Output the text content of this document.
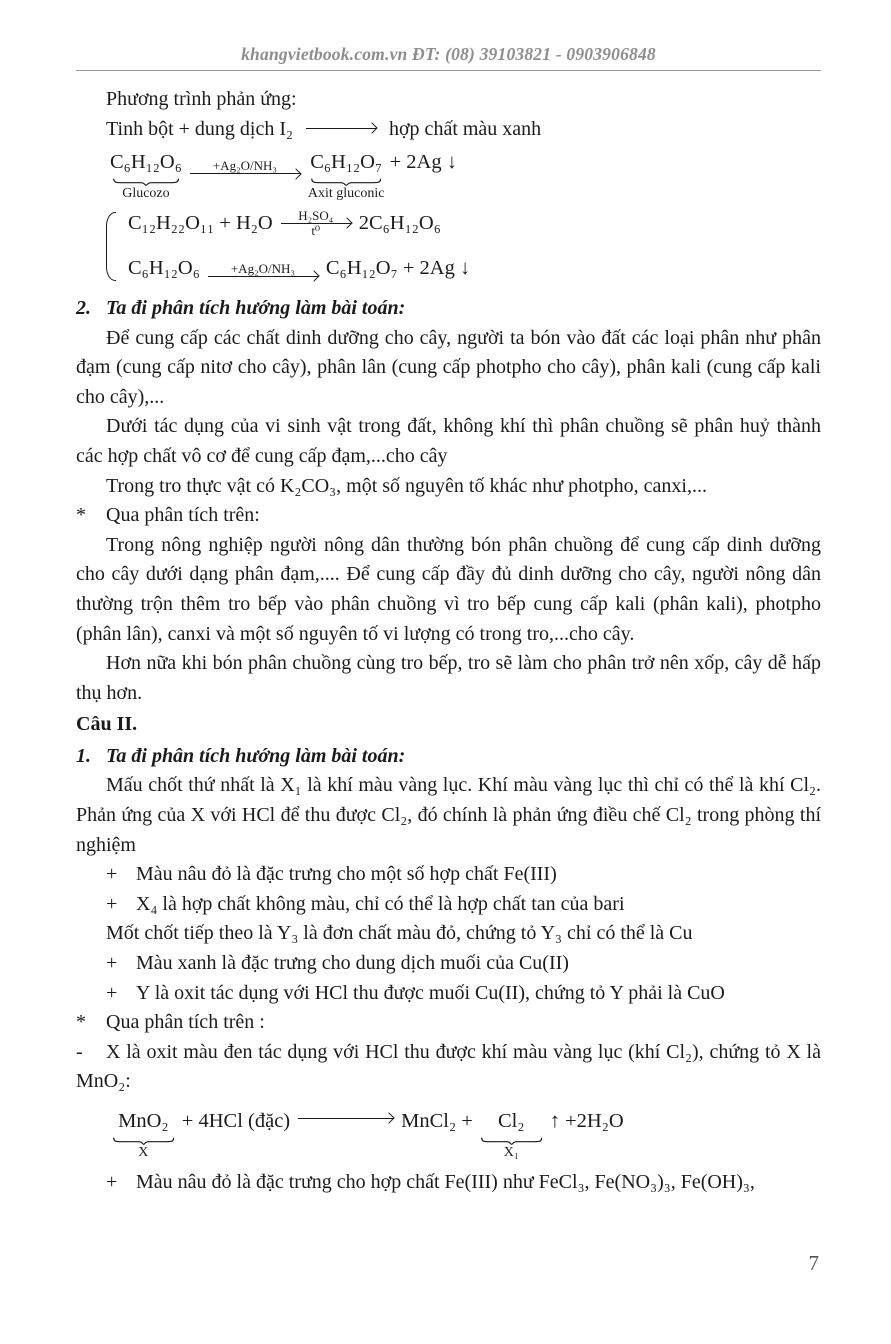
khangvietbook.com.vn ĐT: (08) 39103821 - 0903906848

Phương trình phản ứng:

Tinh bột + dung dịch I₂	hợp chất màu xanh

C₆H₁₂O₆
Glucozo
+Ag₂O/NH₃ C₆H₁₂O₇
Axit gluconic
+ 2Ag ↓
C₁₂H₂₂O₁₁ + H₂O H₂SO₄
t⁰ 2C₆H₁₂O₆
C₆H₁₂O₆ +Ag₂O/NH₃ C₆H₁₂O₇ + 2Ag ↓

2. Ta đi phân tích hướng làm bài toán:

Để cung cấp các chất dinh dưỡng cho cây, người ta bón vào đất các loại phân như phân đạm (cung cấp nitơ cho cây), phân lân (cung cấp photpho cho cây), phân kali (cung cấp kali cho cây),...

Dưới tác dụng của vi sinh vật trong đất, không khí thì phân chuồng sẽ phân huỷ thành các hợp chất vô cơ để cung cấp đạm,...cho cây

Trong tro thực vật có K₂CO₃, một số nguyên tố khác như photpho, canxi,...

* Qua phân tích trên:

Trong nông nghiệp người nông dân thường bón phân chuồng để cung cấp dinh dưỡng cho cây dưới dạng phân đạm,.... Để cung cấp đầy đủ dinh dưỡng cho cây, người nông dân thường trộn thêm tro bếp vào phân chuồng vì tro bếp cung cấp kali (phân kali), photpho (phân lân), canxi và một số nguyên tố vi lượng có trong tro,...cho cây.

Hơn nữa khi bón phân chuồng cùng tro bếp, tro sẽ làm cho phân trở nên xốp, cây dễ hấp thụ hơn.

Câu II.

1. Ta đi phân tích hướng làm bài toán:

Mấu chốt thứ nhất là X₁ là khí màu vàng lục. Khí màu vàng lục thì chỉ có thể là khí Cl₂. Phản ứng của X với HCl để thu được Cl₂, đó chính là phản ứng điều chế Cl₂ trong phòng thí nghiệm

+ Màu nâu đỏ là đặc trưng cho một số hợp chất Fe(III)

+ X₄ là hợp chất không màu, chỉ có thể là hợp chất tan của bari

Mốt chốt tiếp theo là Y₃ là đơn chất màu đỏ, chứng tỏ Y₃ chỉ có thể là Cu

+ Màu xanh là đặc trưng cho dung dịch muối của Cu(II)

+ Y là oxit tác dụng với HCl thu được muối Cu(II), chứng tỏ Y phải là CuO

* Qua phân tích trên :

- X là oxit màu đen tác dụng với HCl thu được khí màu vàng lục (khí Cl₂), chứng tỏ X là MnO₂:

MnO₂
X
+ 4HCl (đặc)	MnCl₂ + Cl₂
X₁
↑ +2H₂O

+ Màu nâu đỏ là đặc trưng cho hợp chất Fe(III) như FeCl₃, Fe(NO₃)₃, Fe(OH)₃,

7
